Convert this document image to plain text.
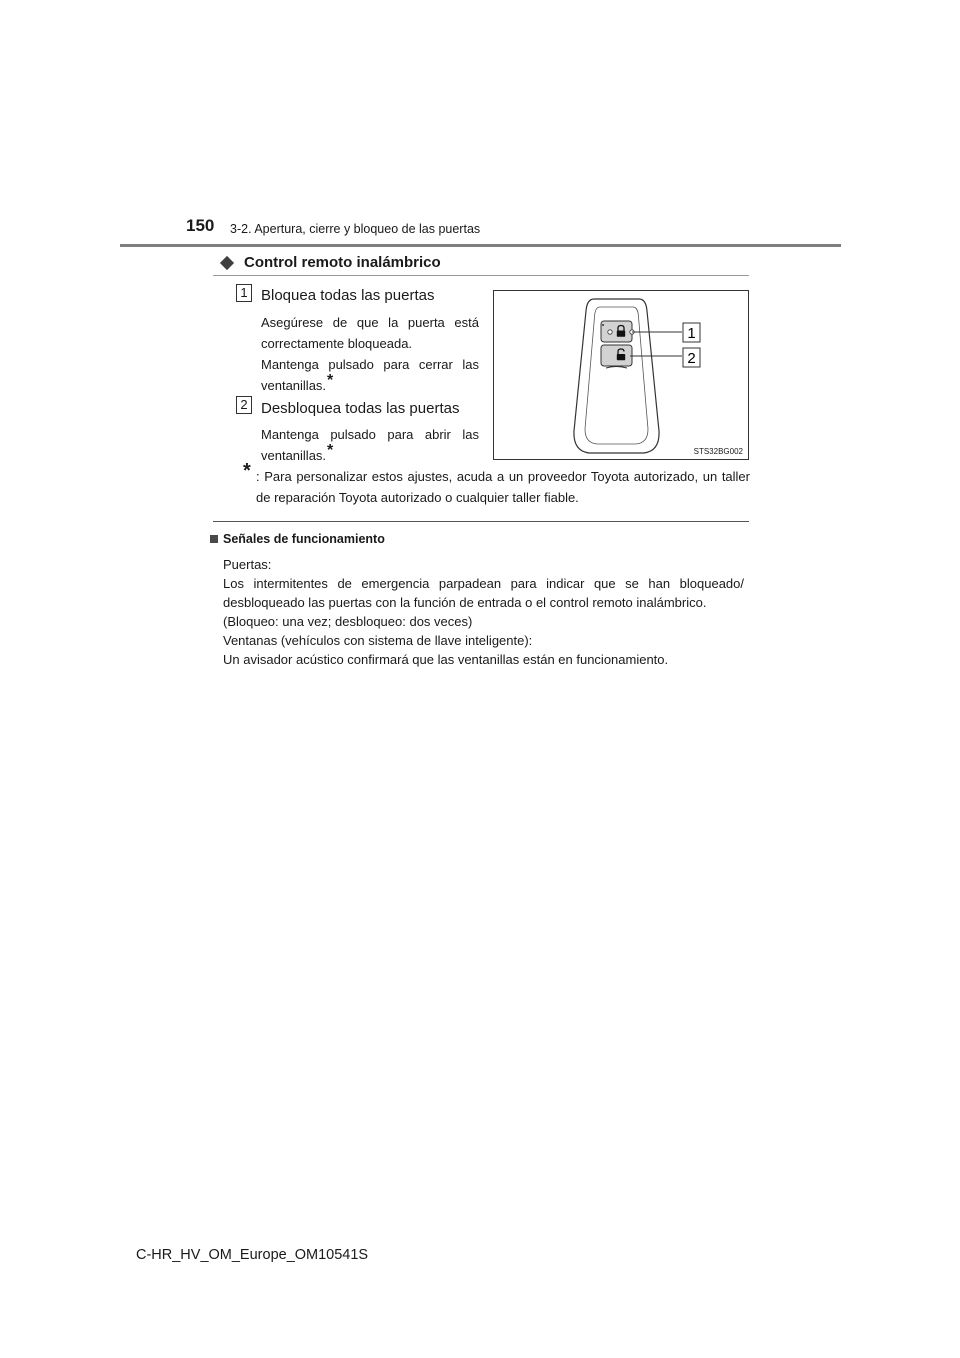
150 3-2. Apertura, cierre y bloqueo de las puertas
Control remoto inalámbrico
1 Bloquea todas las puertas
Asegúrese de que la puerta está correctamente bloqueada.
Mantenga pulsado para cerrar las ventanillas.*
2 Desbloquea todas las puertas
Mantenga pulsado para abrir las ventanillas.*
1
2
STS32BG002
* : Para personalizar estos ajustes, acuda a un proveedor Toyota autorizado, un taller de reparación Toyota autorizado o cualquier taller fiable.
Señales de funcionamiento
Puertas:
Los intermitentes de emergencia parpadean para indicar que se han bloqueado/ desbloqueado las puertas con la función de entrada o el control remoto inalámbrico.
(Bloqueo: una vez; desbloqueo: dos veces)
Ventanas (vehículos con sistema de llave inteligente):
Un avisador acústico confirmará que las ventanillas están en funcionamiento.
C-HR_HV_OM_Europe_OM10541S
